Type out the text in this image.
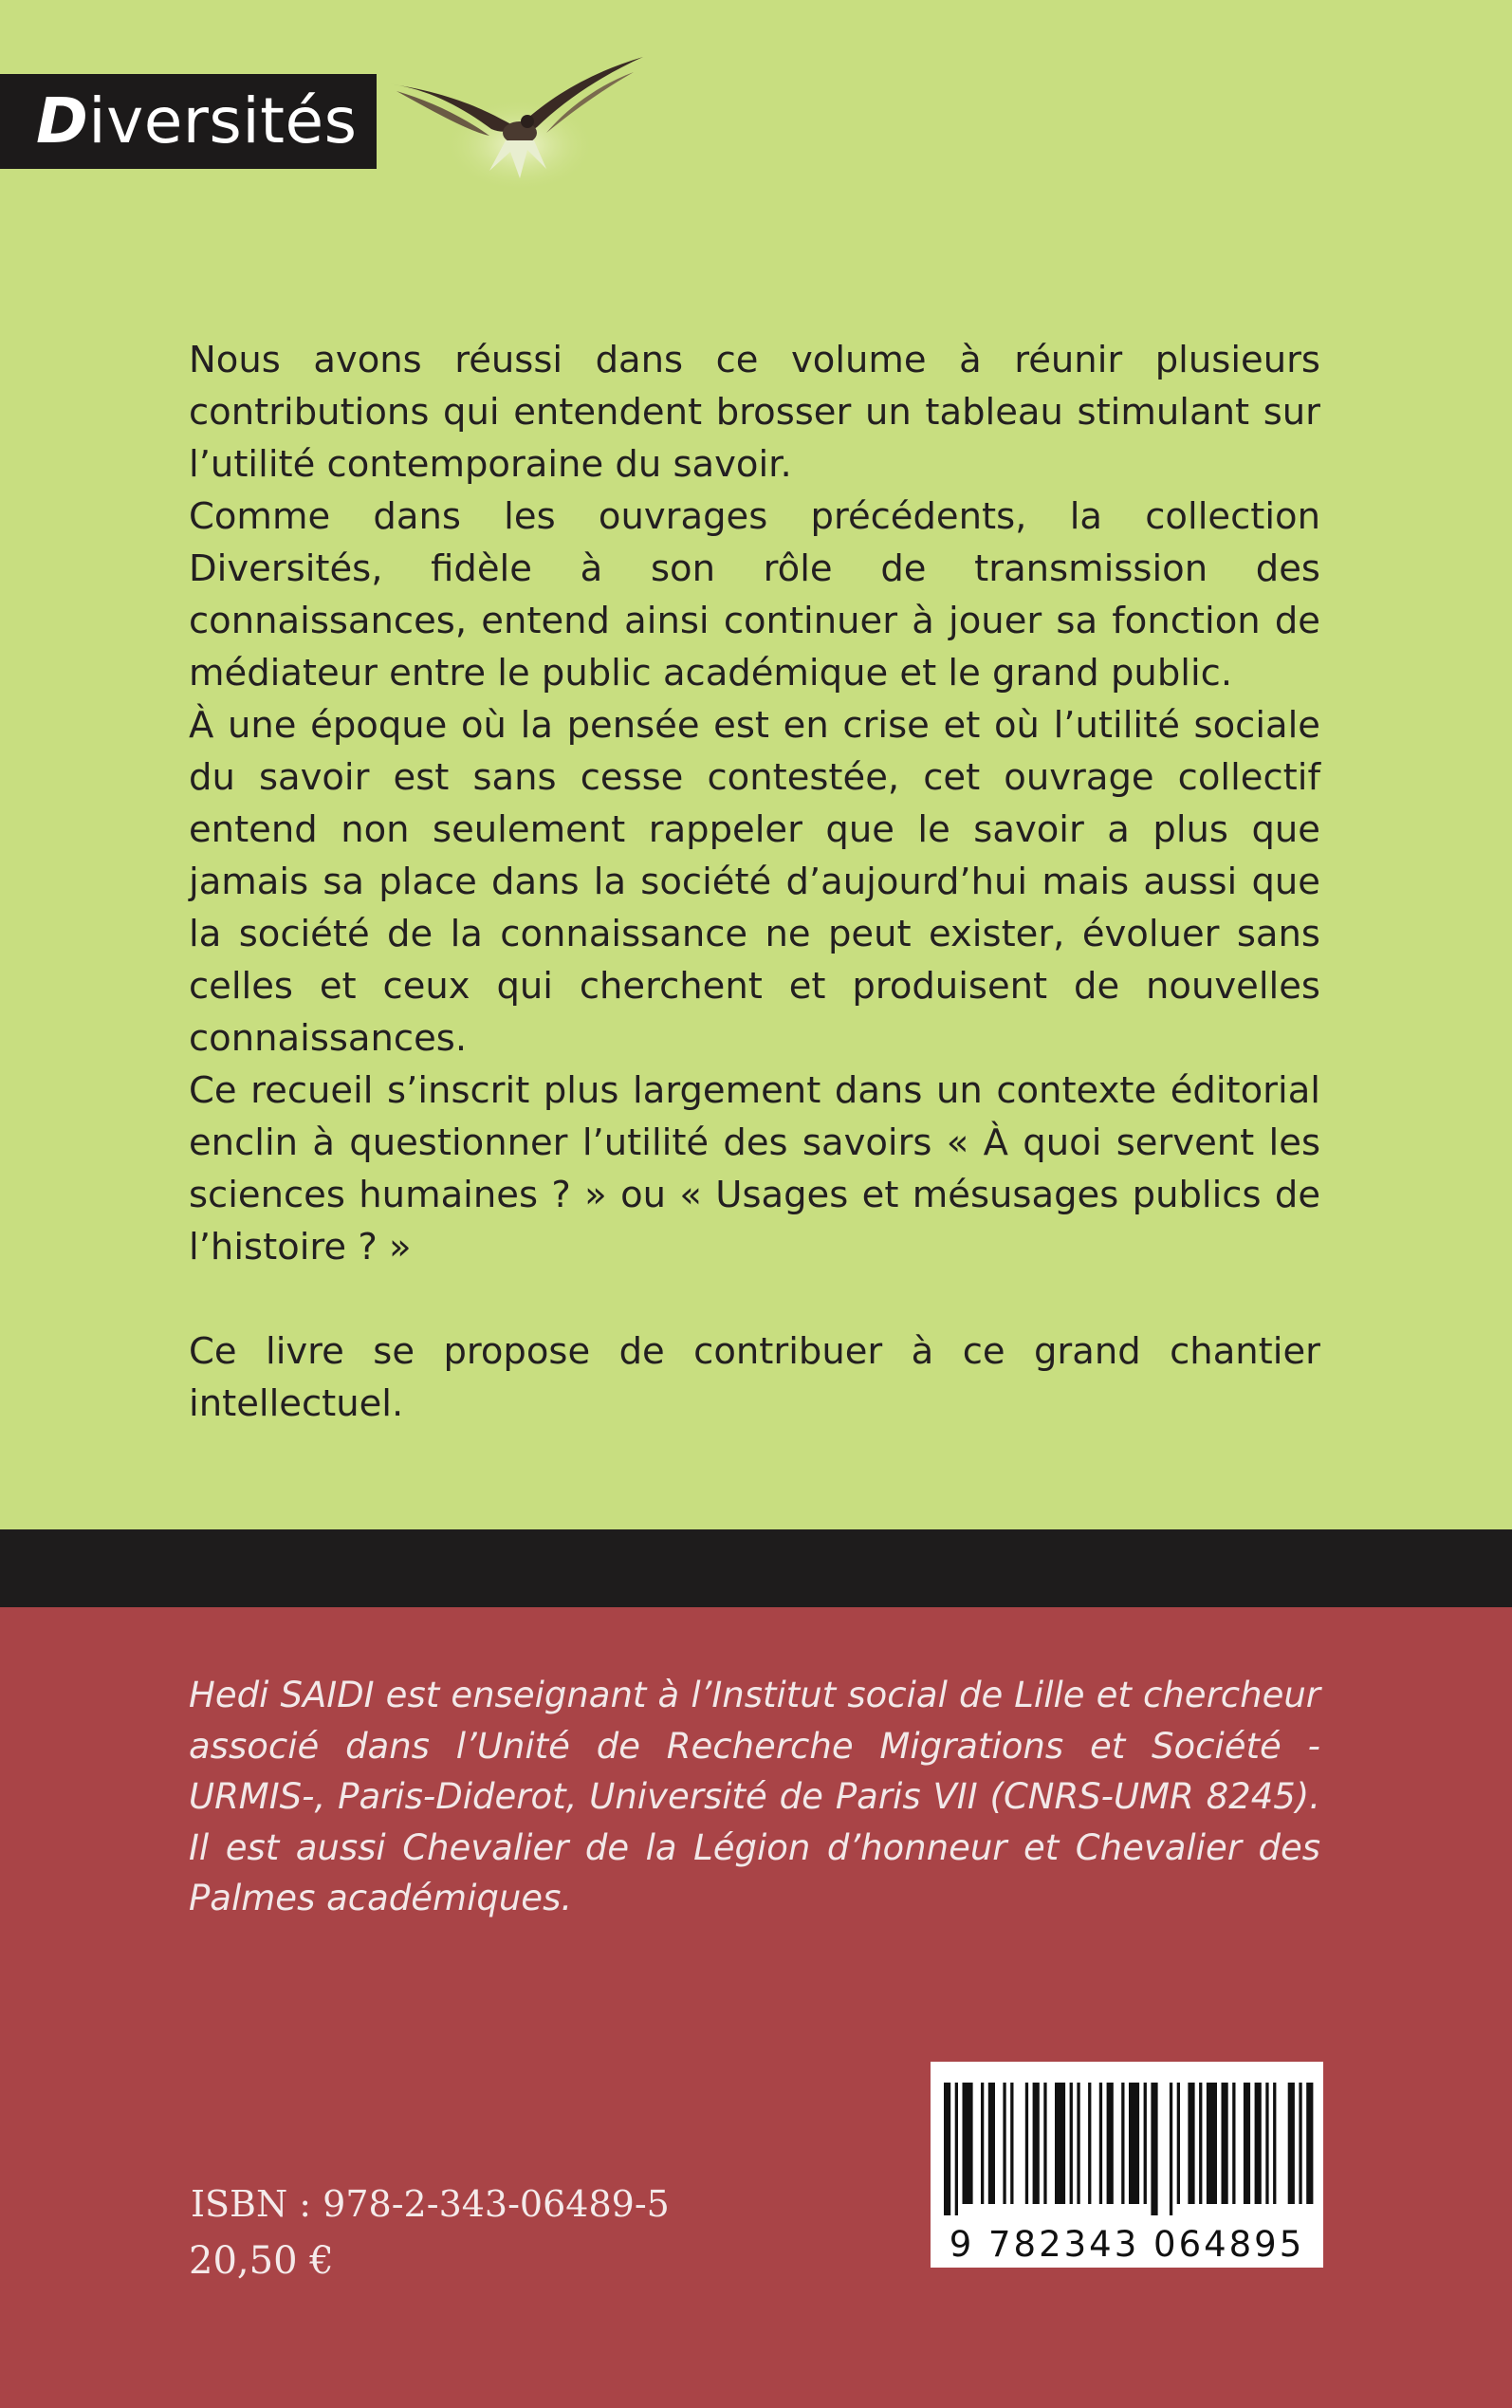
Diversités

Nous avons réussi dans ce volume à réunir plusieurs contributions qui entendent brosser un tableau stimulant sur l’utilité contemporaine du savoir.

Comme dans les ouvrages précédents, la collection Diversités, fidèle à son rôle de transmission des connaissances, entend ainsi continuer à jouer sa fonction de médiateur entre le public académique et le grand public.

À une époque où la pensée est en crise et où l’utilité sociale du savoir est sans cesse contestée, cet ouvrage collectif entend non seulement rappeler que le savoir a plus que jamais sa place dans la société d’aujourd’hui mais aussi que la société de la connaissance ne peut exister, évoluer sans celles et ceux qui cherchent et produisent de nouvelles connaissances.

Ce recueil s’inscrit plus largement dans un contexte éditorial enclin à questionner l’utilité des savoirs « À quoi servent les sciences humaines ? » ou « Usages et mésusages publics de l’histoire ? »

Ce livre se propose de contribuer à ce grand chantier intellectuel.

Hedi SAIDI est enseignant à l’Institut social de Lille et chercheur associé dans l’Unité de Recherche Migrations et Société - URMIS-, Paris-Diderot, Université de Paris VII (CNRS-UMR 8245). Il est aussi Chevalier de la Légion d’honneur et Chevalier des Palmes académiques.

ISBN : 978-2-343-06489-5

20,50 €	9 782343 064895
